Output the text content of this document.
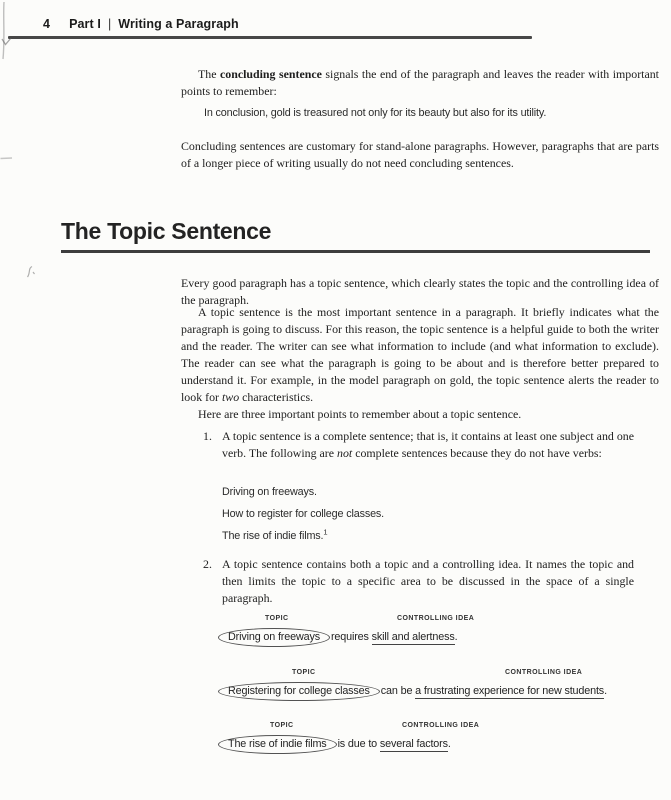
4 Part I | Writing a Paragraph

The concluding sentence signals the end of the paragraph and leaves the reader with important points to remember:

In conclusion, gold is treasured not only for its beauty but also for its utility.

Concluding sentences are customary for stand-alone paragraphs. However, paragraphs that are parts of a longer piece of writing usually do not need concluding sentences.

The Topic Sentence

Every good paragraph has a topic sentence, which clearly states the topic and the controlling idea of the paragraph.

A topic sentence is the most important sentence in a paragraph. It briefly indicates what the paragraph is going to discuss. For this reason, the topic sentence is a helpful guide to both the writer and the reader. The writer can see what information to include (and what information to exclude). The reader can see what the paragraph is going to be about and is therefore better prepared to understand it. For example, in the model paragraph on gold, the topic sentence alerts the reader to look for two characteristics.

Here are three important points to remember about a topic sentence.

1. A topic sentence is a complete sentence; that is, it contains at least one subject and one verb. The following are not complete sentences because they do not have verbs:

Driving on freeways.

How to register for college classes.

The rise of indie films.$^1$

2. A topic sentence contains both a topic and a controlling idea. It names the topic and then limits the topic to a specific area to be discussed in the space of a single paragraph.
TOPIC	CONTROLLING IDEA
Driving on freeways requires skill and alertness.
TOPIC	CONTROLLING IDEA
Registering for college classes can be a frustrating experience for new students.
TOPIC	CONTROLLING IDEA
The rise of indie films is due to several factors.
